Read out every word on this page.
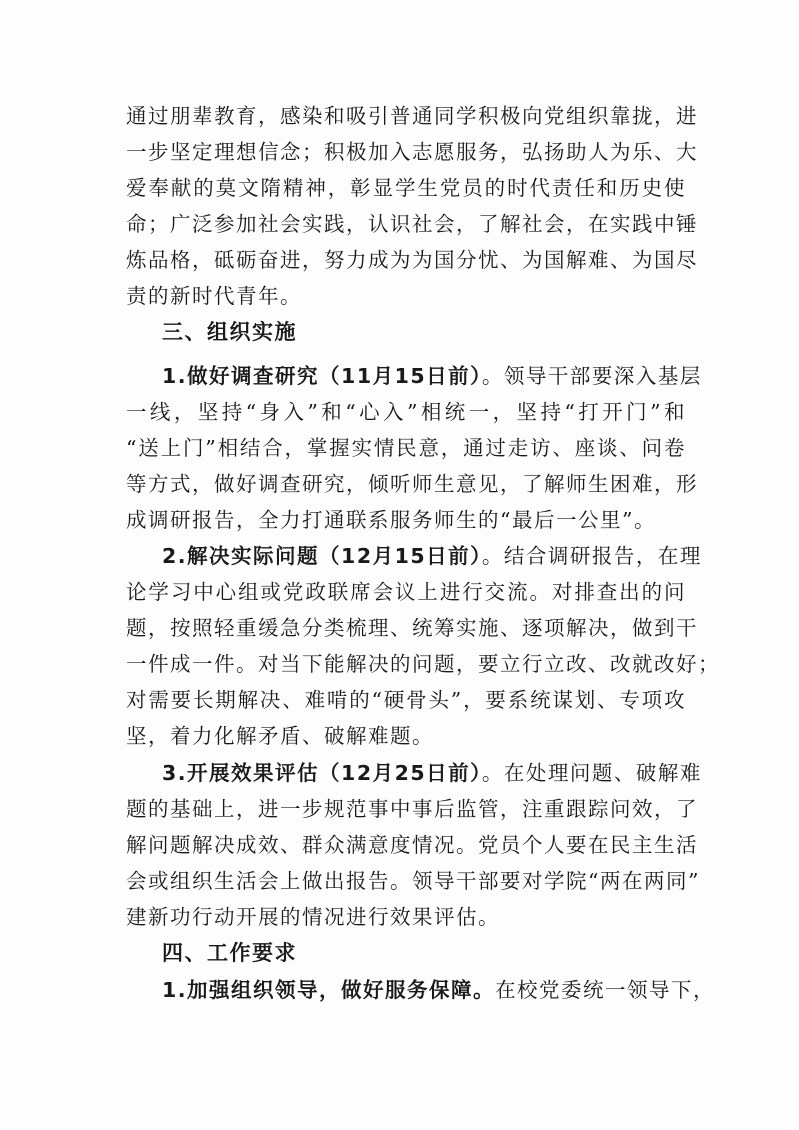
通过朋辈教育，感染和吸引普通同学积极向党组织靠拢，进
一步坚定理想信念；积极加入志愿服务，弘扬助人为乐、大
爱奉献的莫文隋精神，彰显学生党员的时代责任和历史使
命；广泛参加社会实践，认识社会，了解社会，在实践中锤
炼品格，砥砺奋进，努力成为为国分忧、为国解难、为国尽
责的新时代青年。
三、组织实施
1.做好调查研究（11月15日前）。领导干部要深入基层
一线，坚持“身入”和“心入”相统一，坚持“打开门”和
“送上门”相结合，掌握实情民意，通过走访、座谈、问卷
等方式，做好调查研究，倾听师生意见，了解师生困难，形
成调研报告，全力打通联系服务师生的“最后一公里”。
2.解决实际问题（12月15日前）。结合调研报告，在理
论学习中心组或党政联席会议上进行交流。对排查出的问
题，按照轻重缓急分类梳理、统筹实施、逐项解决，做到干
一件成一件。对当下能解决的问题，要立行立改、改就改好；
对需要长期解决、难啃的“硬骨头”，要系统谋划、专项攻
坚，着力化解矛盾、破解难题。
3.开展效果评估（12月25日前）。在处理问题、破解难
题的基础上，进一步规范事中事后监管，注重跟踪问效，了
解问题解决成效、群众满意度情况。党员个人要在民主生活
会或组织生活会上做出报告。领导干部要对学院“两在两同”
建新功行动开展的情况进行效果评估。
四、工作要求
1.加强组织领导，做好服务保障。在校党委统一领导下，
